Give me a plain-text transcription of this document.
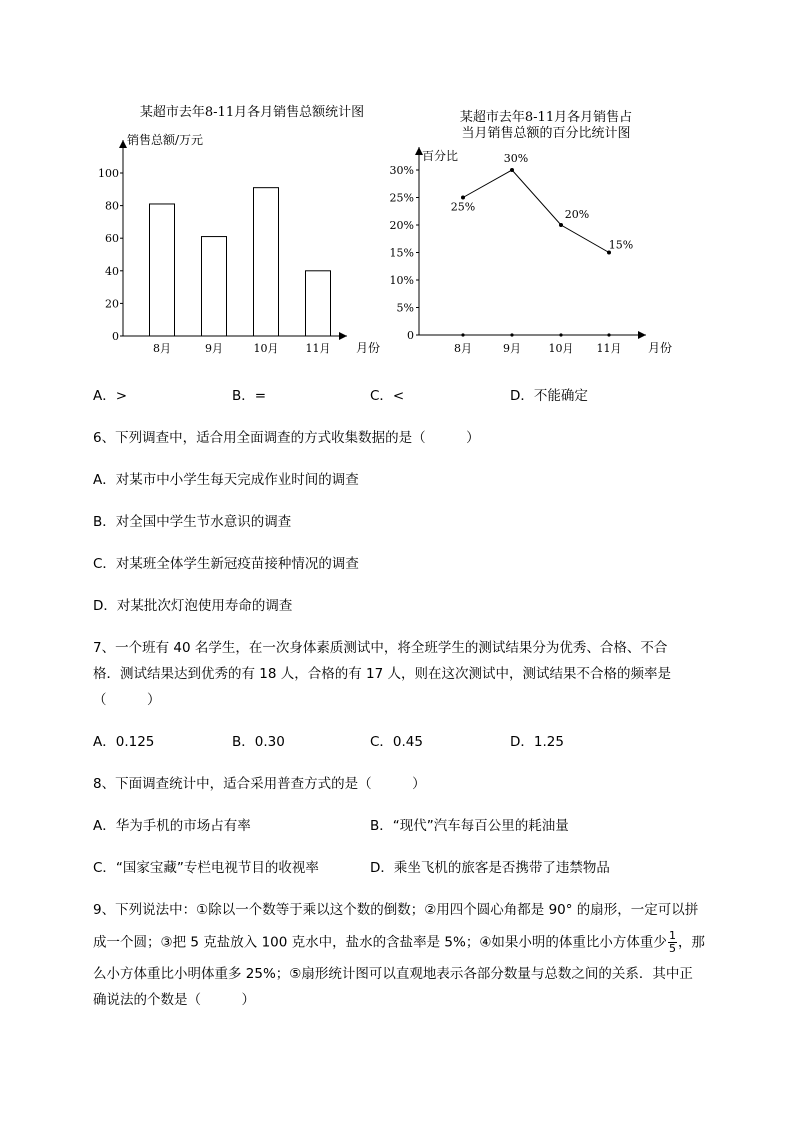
某超市去年8-11月各月销售总额统计图
销售总额/万元
月份
0
20
40
60
80
100
8月	9月	10月 11月
某超市去年8-11月各月销售占
当月销售总额的百分比统计图
百分比
月份
0
5%
10%
15%
20%
25%
30%
25%
8月
30%
9月
20%
10月
15%
11月
A．>	B．=	C．<	D．不能确定
6、下列调查中，适合用全面调查的方式收集数据的是（　　　）
A．对某市中小学生每天完成作业时间的调查
B．对全国中学生节水意识的调查
C．对某班全体学生新冠疫苗接种情况的调查
D．对某批次灯泡使用寿命的调查
7、一个班有 40 名学生，在一次身体素质测试中，将全班学生的测试结果分为优秀、合格、不合
格．测试结果达到优秀的有 18 人，合格的有 17 人，则在这次测试中，测试结果不合格的频率是
（　　　）
A．0.125	B．0.30	C．0.45	D．1.25
8、下面调查统计中，适合采用普查方式的是（　　　）
A．华为手机的市场占有率	B．“现代”汽车每百公里的耗油量
C．“国家宝藏”专栏电视节目的收视率	D．乘坐飞机的旅客是否携带了违禁物品
9、下列说法中：①除以一个数等于乘以这个数的倒数；②用四个圆心角都是 90° 的扇形，一定可以拼
成一个圆；③把 5 克盐放入 100 克水中，盐水的含盐率是 5%；④如果小明的体重比小方体重少 $\frac{1}{5}$ ，那
么小方体重比小明体重多 25%；⑤扇形统计图可以直观地表示各部分数量与总数之间的关系．其中正
确说法的个数是（　　　）
